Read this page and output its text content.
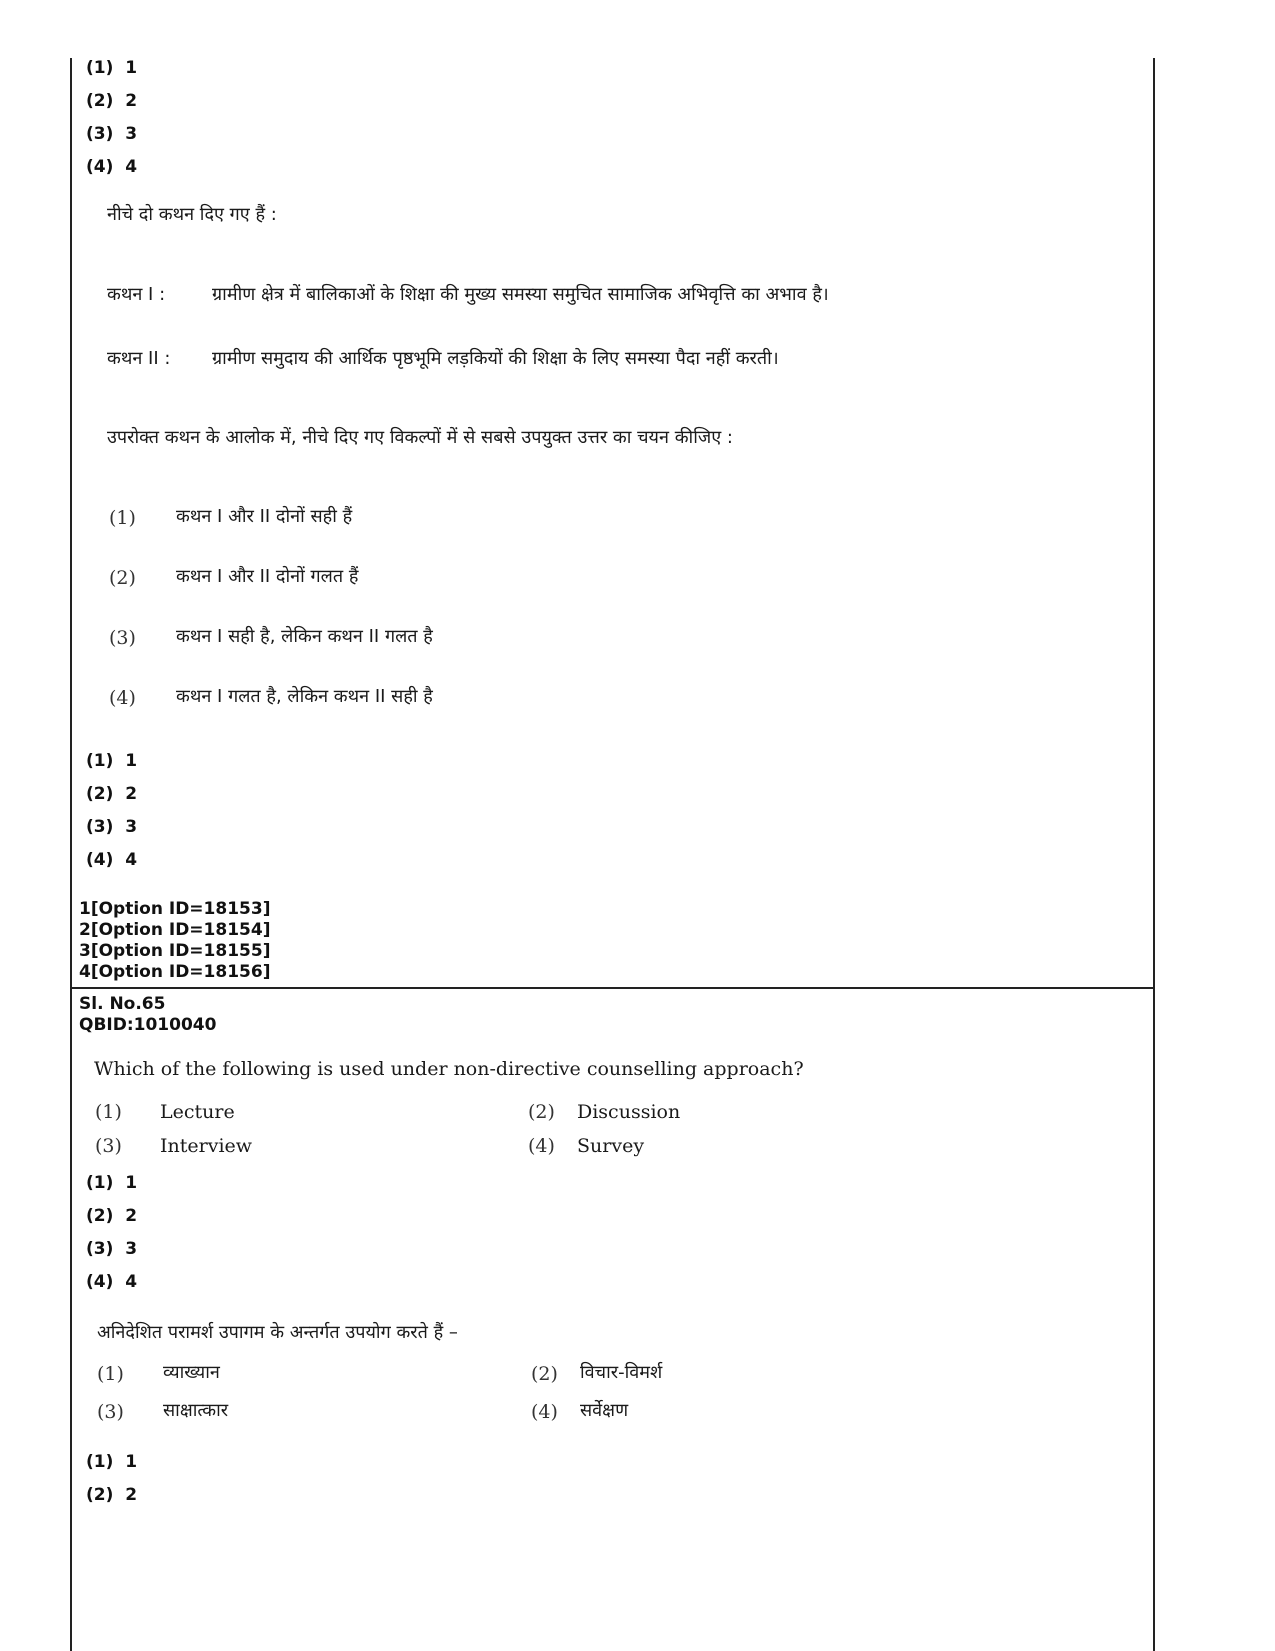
(1)  1
(2)  2
(3)  3
(4)  4
नीचे दो कथन दिए गए हैं :
कथन I :	ग्रामीण क्षेत्र में बालिकाओं के शिक्षा की मुख्य समस्या समुचित सामाजिक अभिवृत्ति का अभाव है।
कथन II : ग्रामीण समुदाय की आर्थिक पृष्ठभूमि लड़कियों की शिक्षा के लिए समस्या पैदा नहीं करती।
उपरोक्त कथन के आलोक में, नीचे दिए गए विकल्पों में से सबसे उपयुक्त उत्तर का चयन कीजिए :
(1) कथन I और II दोनों सही हैं
(2) कथन I और II दोनों गलत हैं
(3) कथन I सही है, लेकिन कथन II गलत है
(4) कथन I गलत है, लेकिन कथन II सही है
(1)  1
(2)  2
(3)  3
(4)  4
1[Option ID=18153]
2[Option ID=18154]
3[Option ID=18155]
4[Option ID=18156]
Sl. No.65
QBID:1010040
Which of the following is used under non-directive counselling approach?
(1) Lecture	(2) Discussion
(3) Interview	(4) Survey
(1)  1
(2)  2
(3)  3
(4)  4
अनिदेशित परामर्श उपागम के अन्तर्गत उपयोग करते हैं –
(1) व्याख्यान	(2) विचार-विमर्श
(3) साक्षात्कार	(4) सर्वेक्षण
(1)  1
(2)  2
